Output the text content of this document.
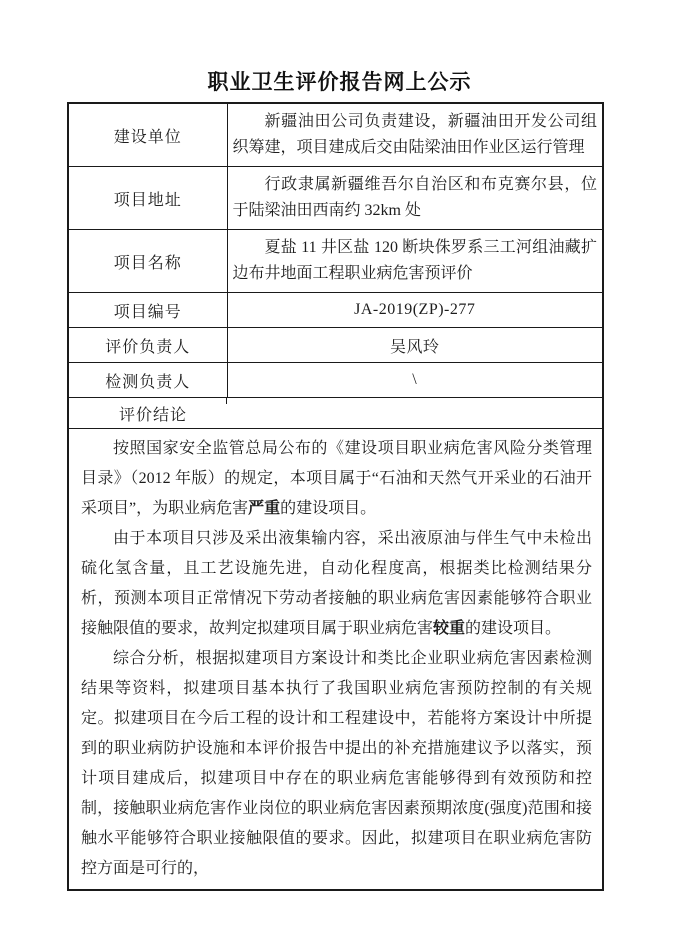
职业卫生评价报告网上公示
建设单位	新疆油田公司负责建设，新疆油田开发公司组织筹建，项目建成后交由陆梁油田作业区运行管理
项目地址	行政隶属新疆维吾尔自治区和布克赛尔县，位于陆梁油田西南约 32km 处
项目名称	夏盐 11 井区盐 120 断块侏罗系三工河组油藏扩边布井地面工程职业病危害预评价
项目编号	JA-2019(ZP)-277
评价负责人	吴风玲
检测负责人	\

评价结论	

按照国家安全监管总局公布的《建设项目职业病危害风险分类管理目录》（2012 年版）的规定，本项目属于“石油和天然气开采业的石油开采项目”，为职业病危害严重的建设项目。

由于本项目只涉及采出液集输内容，采出液原油与伴生气中未检出硫化氢含量，且工艺设施先进，自动化程度高，根据类比检测结果分析，预测本项目正常情况下劳动者接触的职业病危害因素能够符合职业接触限值的要求，故判定拟建项目属于职业病危害较重的建设项目。

综合分析，根据拟建项目方案设计和类比企业职业病危害因素检测结果等资料，拟建项目基本执行了我国职业病危害预防控制的有关规定。拟建项目在今后工程的设计和工程建设中，若能将方案设计中所提到的职业病防护设施和本评价报告中提出的补充措施建议予以落实，预计项目建成后，拟建项目中存在的职业病危害能够得到有效预防和控制，接触职业病危害作业岗位的职业病危害因素预期浓度(强度)范围和接触水平能够符合职业接触限值的要求。因此，拟建项目在职业病危害防控方面是可行的，	
